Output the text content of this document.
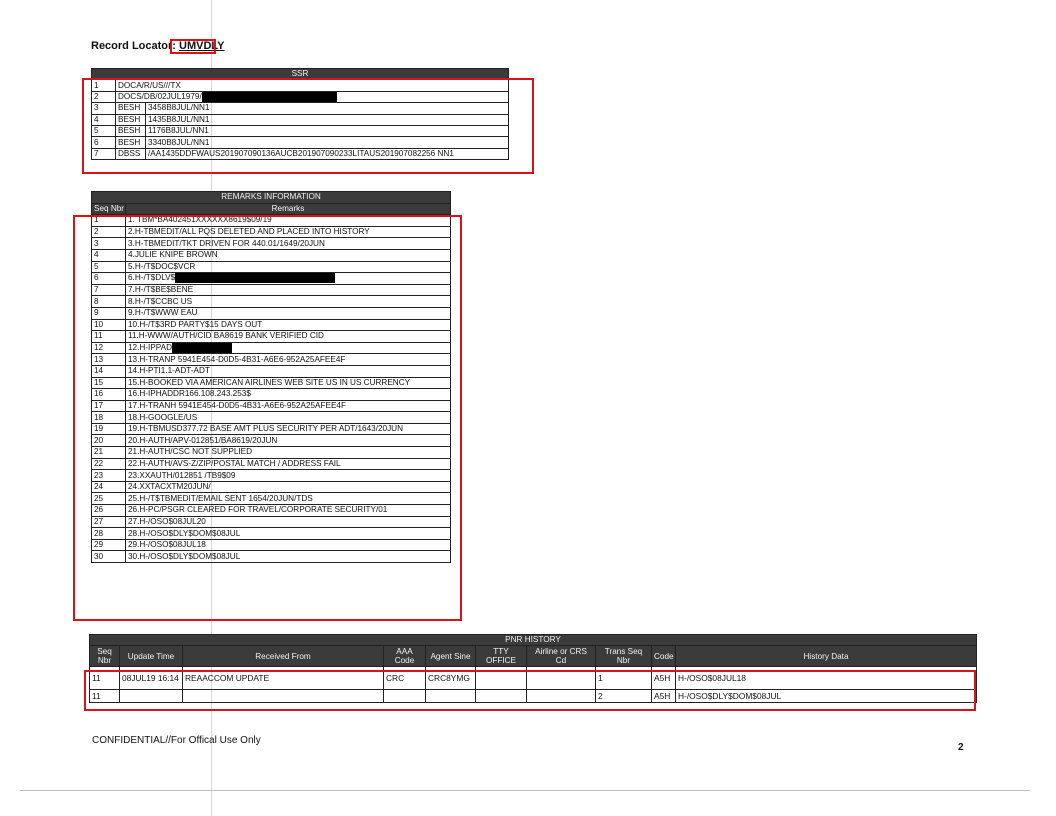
Record Locator: UMVDLY
SSR		
1	DOCA/R/US///TX	
2	DOCS/DB/02JUL1979/	
3	BESH	3458B8JUL/NN1
4	BESH	1435B8JUL/NN1
5	BESH	1176B8JUL/NN1
6	BESH	3340B8JUL/NN1
7	DBSS	/AA1435DDFWAUS201907090136AUCB201907090233LITAUS201907082256 NN1
REMARKS INFORMATION	
Seq Nbr	Remarks
1	1. TBM*BA402451XXXXXX8619$09/19
2	2.H-TBMEDIT/ALL PQS DELETED AND PLACED INTO HISTORY
3	3.H-TBMEDIT/TKT DRIVEN FOR 440.01/1649/20JUN
4	4.JULIE KNIPE BROWN
5	5.H-/T$DOC$VCR
6	6.H-/T$DLV$
7	7.H-/T$BE$BENE
8	8.H-/T$CCBC US
9	9.H-/T$WWW EAU
10	10.H-/T$3RD PARTY$15 DAYS OUT
11	11.H-WWW/AUTH/CID BA8619 BANK VERIFIED CID
12	12.H-IPPAD
13	13.H-TRANP 5941E454-D0D5-4B31-A6E6-952A25AFEE4F
14	14.H-PTI1.1-ADT-ADT
15	15.H-BOOKED VIA AMERICAN AIRLINES WEB SITE US IN US CURRENCY
16	16.H-IPHADDR166.108.243.253$
17	17.H-TRANH 5941E454-D0D5-4B31-A6E6-952A25AFEE4F
18	18.H-GOOGLE/US
19	19.H-TBMUSD377.72 BASE AMT PLUS SECURITY PER ADT/1643/20JUN
20	20.H-AUTH/APV-012851/BA8619/20JUN
21	21.H-AUTH/CSC NOT SUPPLIED
22	22.H-AUTH/AVS-Z/ZIP/POSTAL MATCH / ADDRESS FAIL
23	23.XXAUTH/012851 /TB9$09
24	24.XXTACXTM20JUN/
25	25.H-/T$TBMEDIT/EMAIL SENT 1654/20JUN/TDS
26	26.H-PC/PSGR CLEARED FOR TRAVEL/CORPORATE SECURITY/01
27	27.H-/OSO$08JUL20
28	28.H-/OSO$DLY$DOM$08JUL
29	29.H-/OSO$08JUL18
30	30.H-/OSO$DLY$DOM$08JUL
PNR HISTORY									
Seq Nbr	Update Time	Received From	AAA Code	Agent Sine	TTY OFFICE	Airline or CRS Cd	Trans Seq Nbr	Code	History Data
11	08JUL19 16:14	REAACCOM UPDATE	CRC	CRC8YMG			1	A5H	H-/OSO$08JUL18
11							2	A5H	H-/OSO$DLY$DOM$08JUL
CONFIDENTIAL//For Offical Use Only
2
